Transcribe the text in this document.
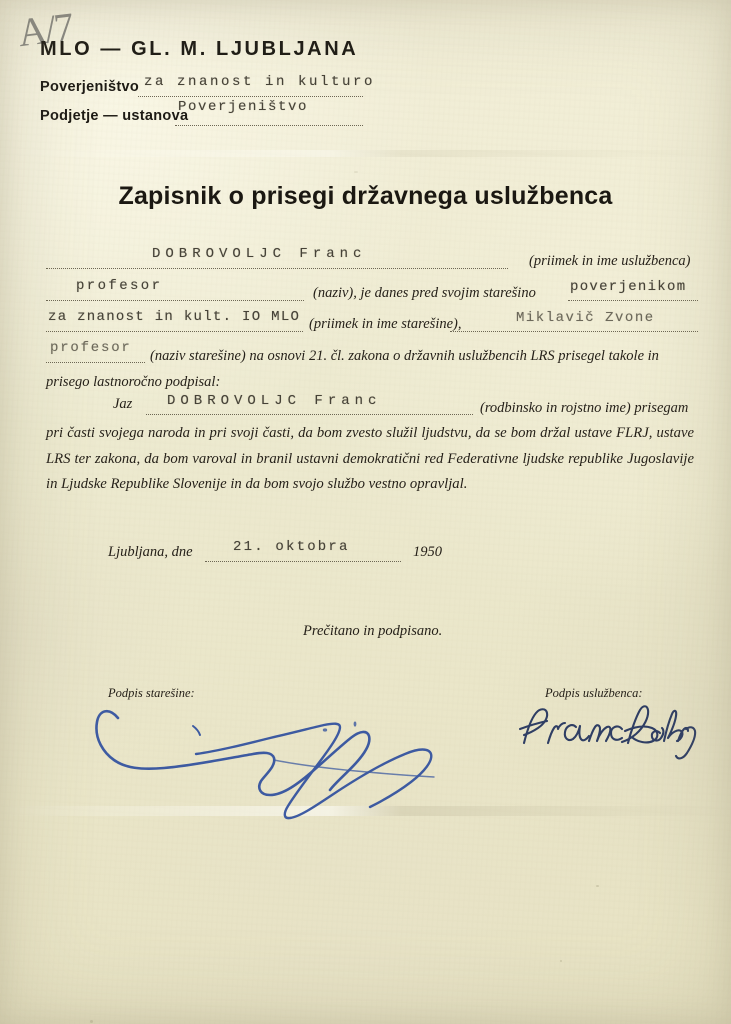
A/7
MLO — GL. M. LJUBLJANA
Poverjeništvo za znanost in kulturo
Podjetje — ustanova
Poverjeništvo
Zapisnik o prisegi državnega uslužbenca
DOBROVOLJC Franc	(priimek in ime uslužbenca)
profesor	(naziv), je danes pred svojim starešino poverjenikom
za znanost in kult. IO MLO (priimek in ime starešine),	Miklavič Zvone
profesor (naziv starešine) na osnovi 21. čl. zakona o državnih uslužbencih LRS prisegel takole in
prisego lastnoročno podpisal:
Jaz DOBROVOLJC Franc	(rodbinsko in rojstno ime) prisegam
pri časti svojega naroda in pri svoji časti, da bom zvesto služil ljudstvu, da se bom držal ustave FLRJ, ustave LRS ter zakona, da bom varoval in branil ustavni demokratični red Federativne ljudske republike Jugoslavije in Ljudske Republike Slovenije in da bom svojo službo vestno opravljal.
Ljubljana, dne	21. oktobra	1950
Prečitano in podpisano.
Podpis starešine:	Podpis uslužbenca:
